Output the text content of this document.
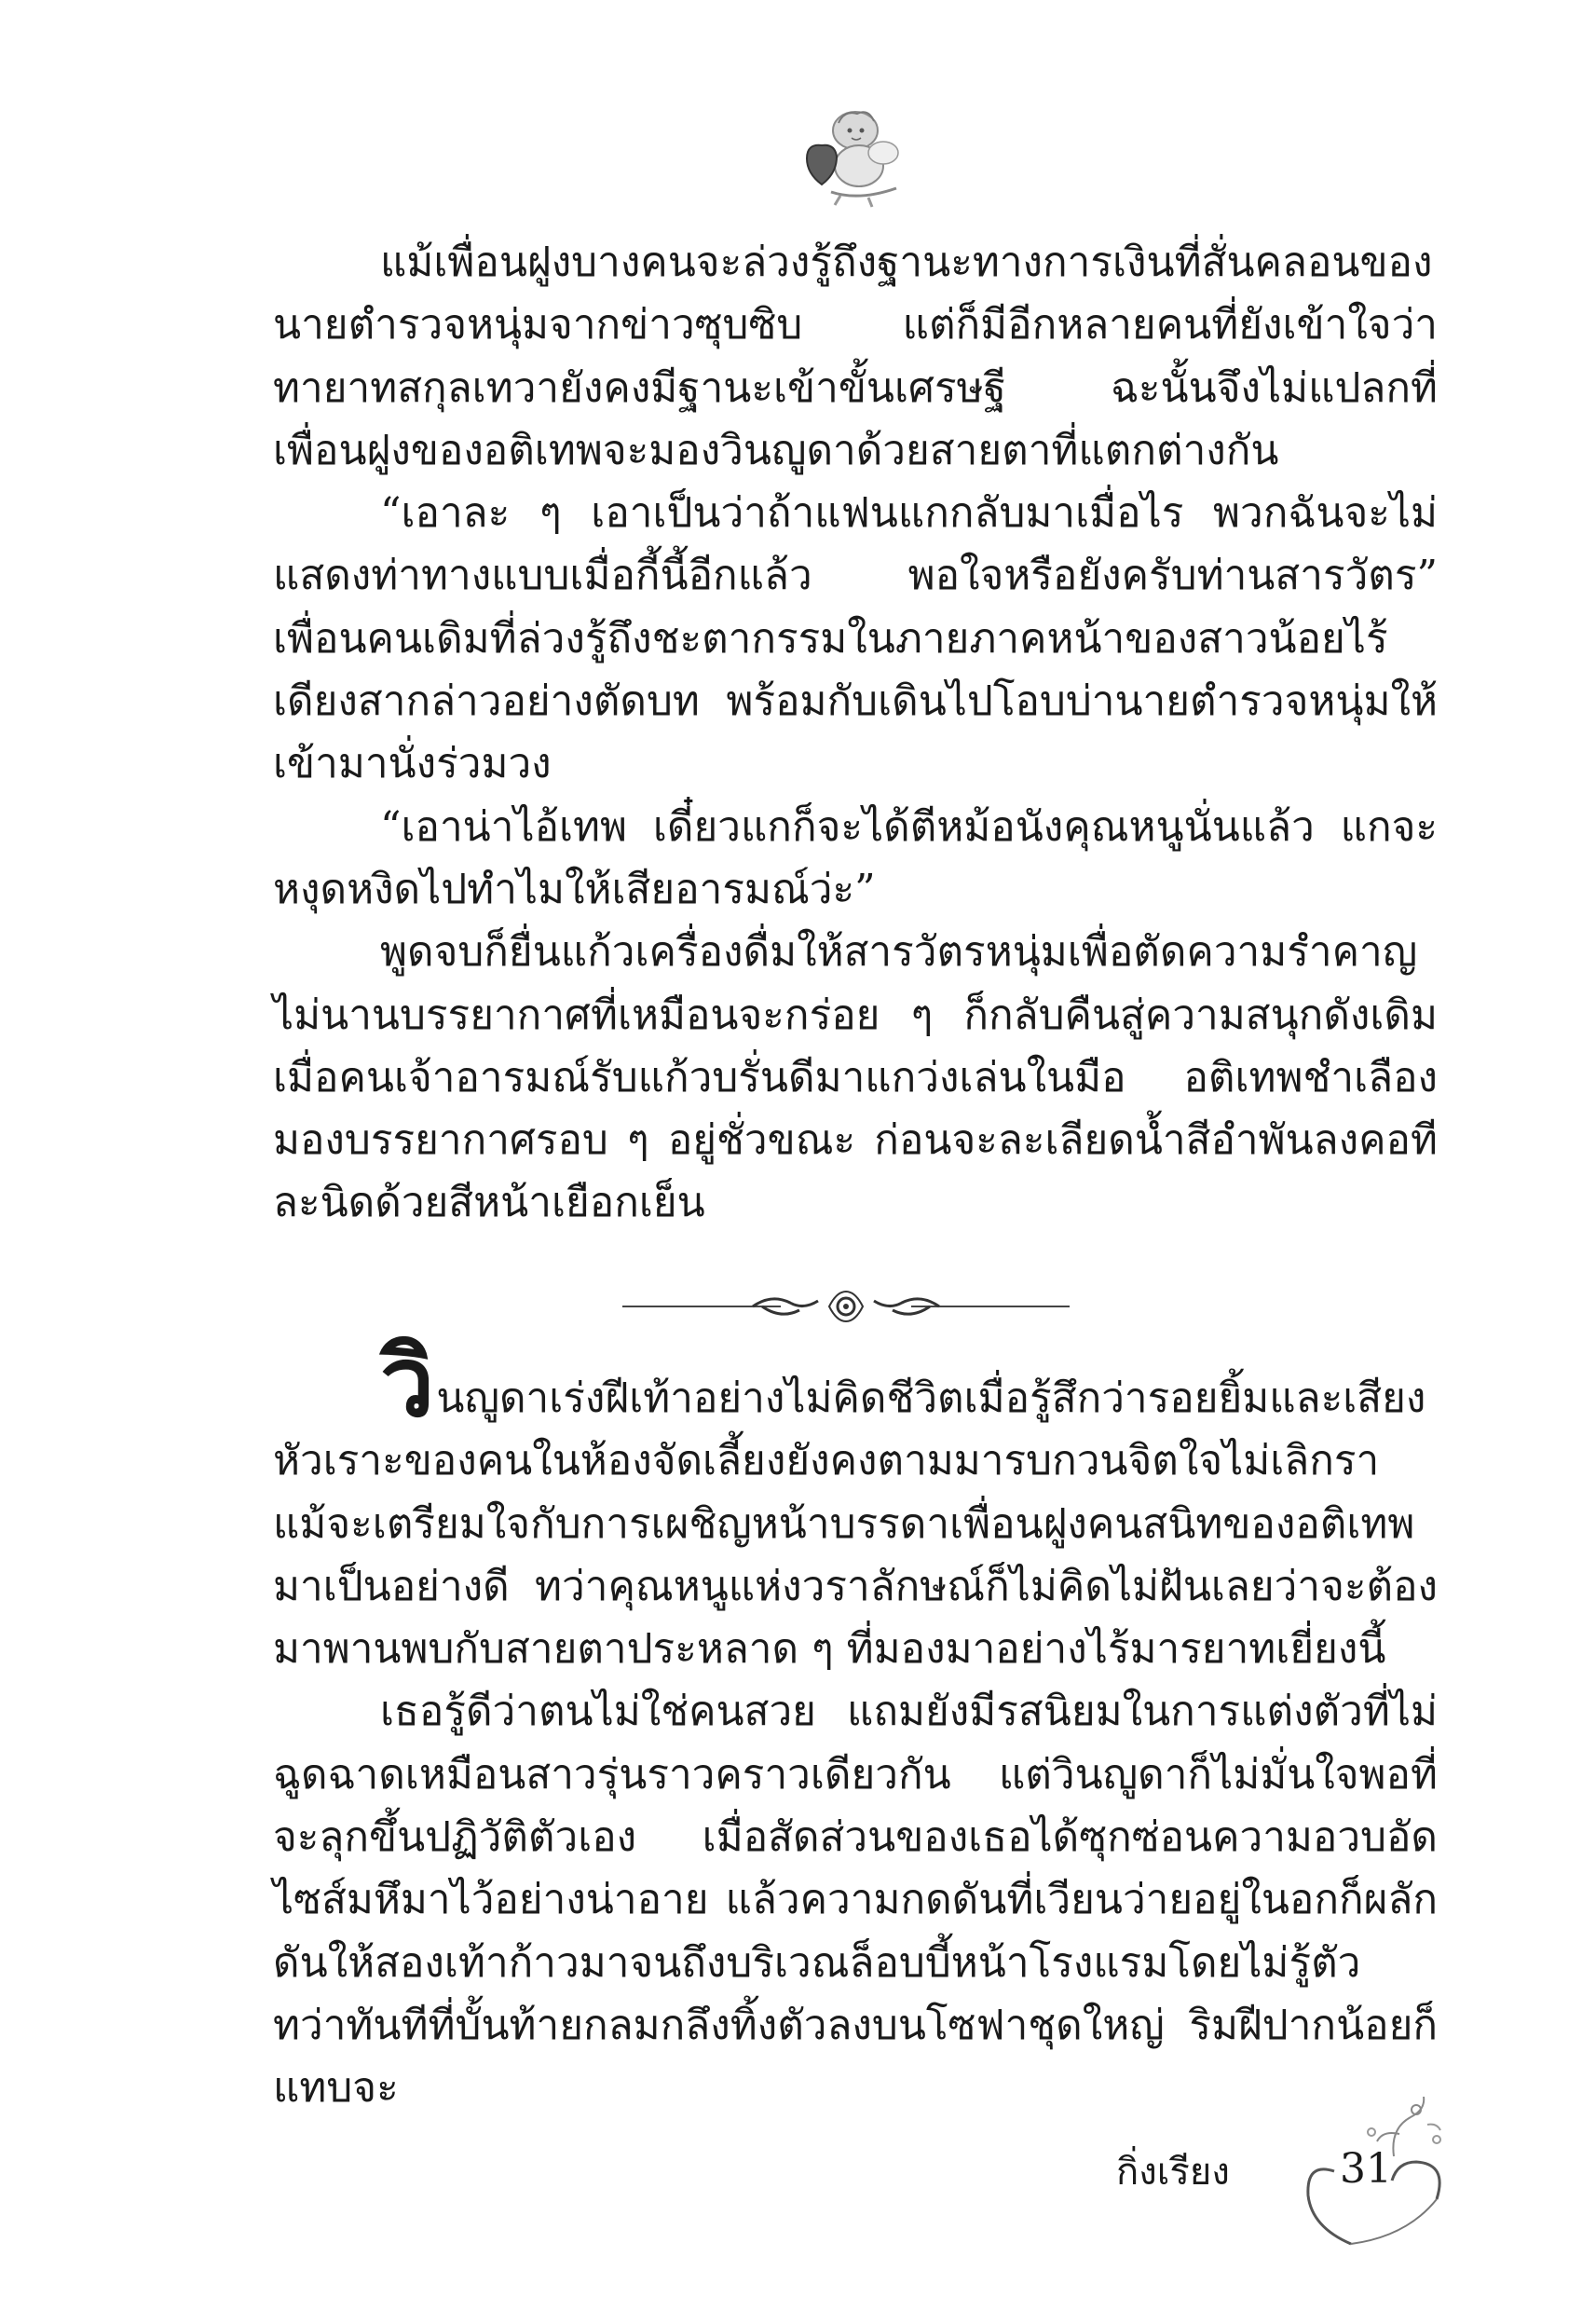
แม้เพื่อนฝูงบางคนจะล่วงรู้ถึงฐานะทางการเงินที่สั่นคลอนของนายตำรวจหนุ่มจากข่าวซุบซิบ แต่ก็มีอีกหลายคนที่ยังเข้าใจว่าทายาทสกุลเทวายังคงมีฐานะเข้าขั้นเศรษฐี ฉะนั้นจึงไม่แปลกที่เพื่อนฝูงของอติเทพจะมองวินญูดาด้วยสายตาที่แตกต่างกัน

“เอาละ ๆ เอาเป็นว่าถ้าแฟนแกกลับมาเมื่อไร พวกฉันจะไม่แสดงท่าทางแบบเมื่อกี้นี้อีกแล้ว พอใจหรือยังครับท่านสารวัตร” เพื่อนคนเดิมที่ล่วงรู้ถึงชะตากรรมในภายภาคหน้าของสาวน้อยไร้เดียงสากล่าวอย่างตัดบท พร้อมกับเดินไปโอบบ่านายตำรวจหนุ่มให้เข้ามานั่งร่วมวง

“เอาน่าไอ้เทพ เดี๋ยวแกก็จะได้ตีหม้อนังคุณหนูนั่นแล้ว แกจะหงุดหงิดไปทำไมให้เสียอารมณ์ว่ะ”

พูดจบก็ยื่นแก้วเครื่องดื่มให้สารวัตรหนุ่มเพื่อตัดความรำคาญ ไม่นานบรรยากาศที่เหมือนจะกร่อย ๆ ก็กลับคืนสู่ความสนุกดังเดิม เมื่อคนเจ้าอารมณ์รับแก้วบรั่นดีมาแกว่งเล่นในมือ อติเทพชำเลืองมองบรรยากาศรอบ ๆ อยู่ชั่วขณะ ก่อนจะละเลียดน้ำสีอำพันลงคอทีละนิดด้วยสีหน้าเยือกเย็น

วินญูดาเร่งฝีเท้าอย่างไม่คิดชีวิตเมื่อรู้สึกว่ารอยยิ้มและเสียงหัวเราะของคนในห้องจัดเลี้ยงยังคงตามมารบกวนจิตใจไม่เลิกรา แม้จะเตรียมใจกับการเผชิญหน้าบรรดาเพื่อนฝูงคนสนิทของอติเทพมาเป็นอย่างดี ทว่าคุณหนูแห่งวราลักษณ์ก็ไม่คิดไม่ฝันเลยว่าจะต้องมาพานพบกับสายตาประหลาด ๆ ที่มองมาอย่างไร้มารยาทเยี่ยงนี้

เธอรู้ดีว่าตนไม่ใช่คนสวย แถมยังมีรสนิยมในการแต่งตัวที่ไม่ฉูดฉาดเหมือนสาวรุ่นราวคราวเดียวกัน แต่วินญูดาก็ไม่มั่นใจพอที่จะลุกขึ้นปฏิวัติตัวเอง เมื่อสัดส่วนของเธอได้ซุกซ่อนความอวบอัดไซส์มหึมาไว้อย่างน่าอาย แล้วความกดดันที่เวียนว่ายอยู่ในอกก็ผลักดันให้สองเท้าก้าวมาจนถึงบริเวณล็อบบี้หน้าโรงแรมโดยไม่รู้ตัว ทว่าทันทีที่บั้นท้ายกลมกลึงทิ้งตัวลงบนโซฟาชุดใหญ่ ริมฝีปากน้อยก็แทบจะ

กิ่งเรียง	31
